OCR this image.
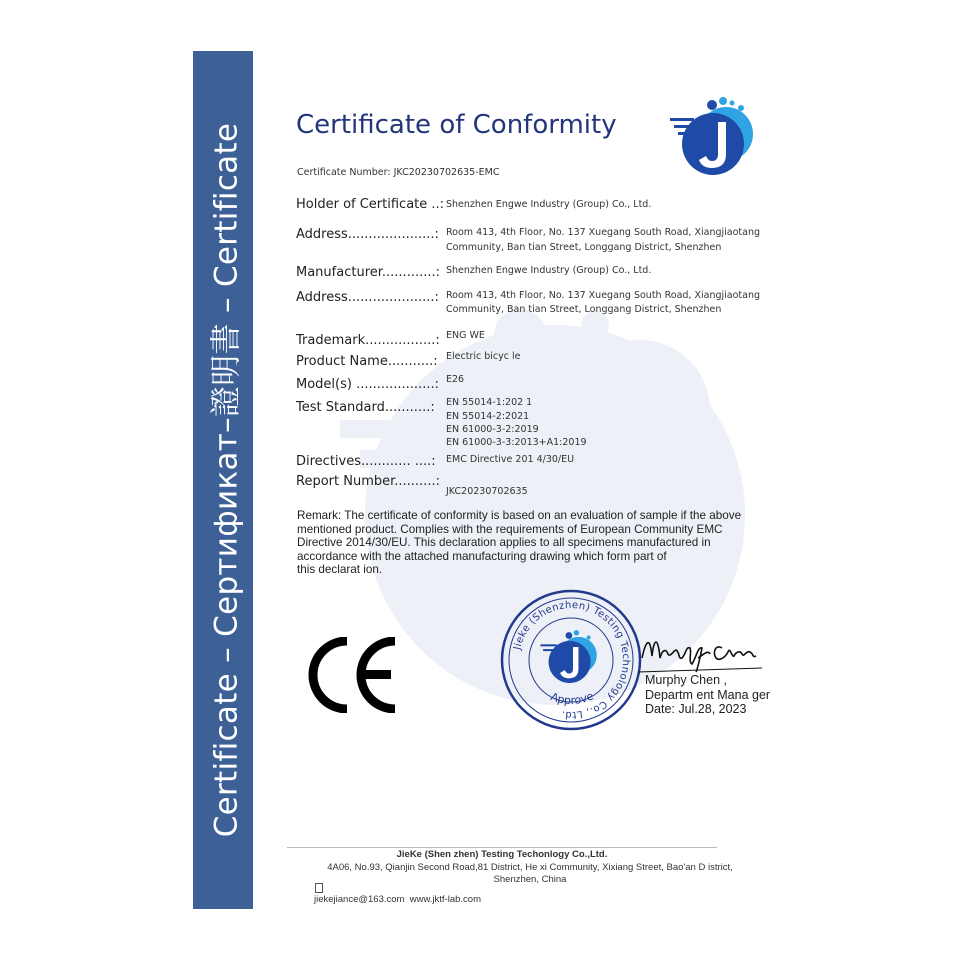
Certificate – Сертификат–證明書 – Certificate Certificate of Conformity
Certificate Number: JKC20230702635-EMC
Holder of Certificate ..: Shenzhen Engwe Industry (Group) Co., Ltd.
Address.....................: Room 413, 4th Floor, No. 137 Xuegang South Road, Xiangjiaotang
Community, Ban tian Street, Longgang District, Shenzhen
Manufacturer.............: Shenzhen Engwe Industry (Group) Co., Ltd.
Address.....................: Room 413, 4th Floor, No. 137 Xuegang South Road, Xiangjiaotang
Community, Ban tian Street, Longgang District, Shenzhen
Trademark.................: ENG WE
Product Name...........: Electric bicyc le
Model(s) ...................: E26
Test Standard...........: EN 55014-1:202 1
EN 55014-2:2021
EN 61000-3-2:2019
EN 61000-3-3:2013+A1:2019
Directives............ ....: EMC Directive 201 4/30/EU
Report Number..........:
JKC20230702635
Remark: The certificate of conformity is based on an evaluation of sample if the above
mentioned product. Complies with the requirements of European Community EMC
Directive 2014/30/EU. This declaration applies to all specimens manufactured in
accordance with the attached manufacturing drawing which form part of
this declarat ion.
Jieke (Shenzhen) Testing Technology Co., Ltd.
Approve
Murphy Chen ,
Departm ent Mana ger
Date: Jul.28, 2023
JieKe (Shen zhen) Testing Techonlogy Co.,Ltd.
4A06, No.93, Qianjin Second Road,81 District, He xi Community, Xixiang Street, Bao'an D istrict,
Shenzhen, China
jiekejiance@163.com  www.jktf-lab.com
